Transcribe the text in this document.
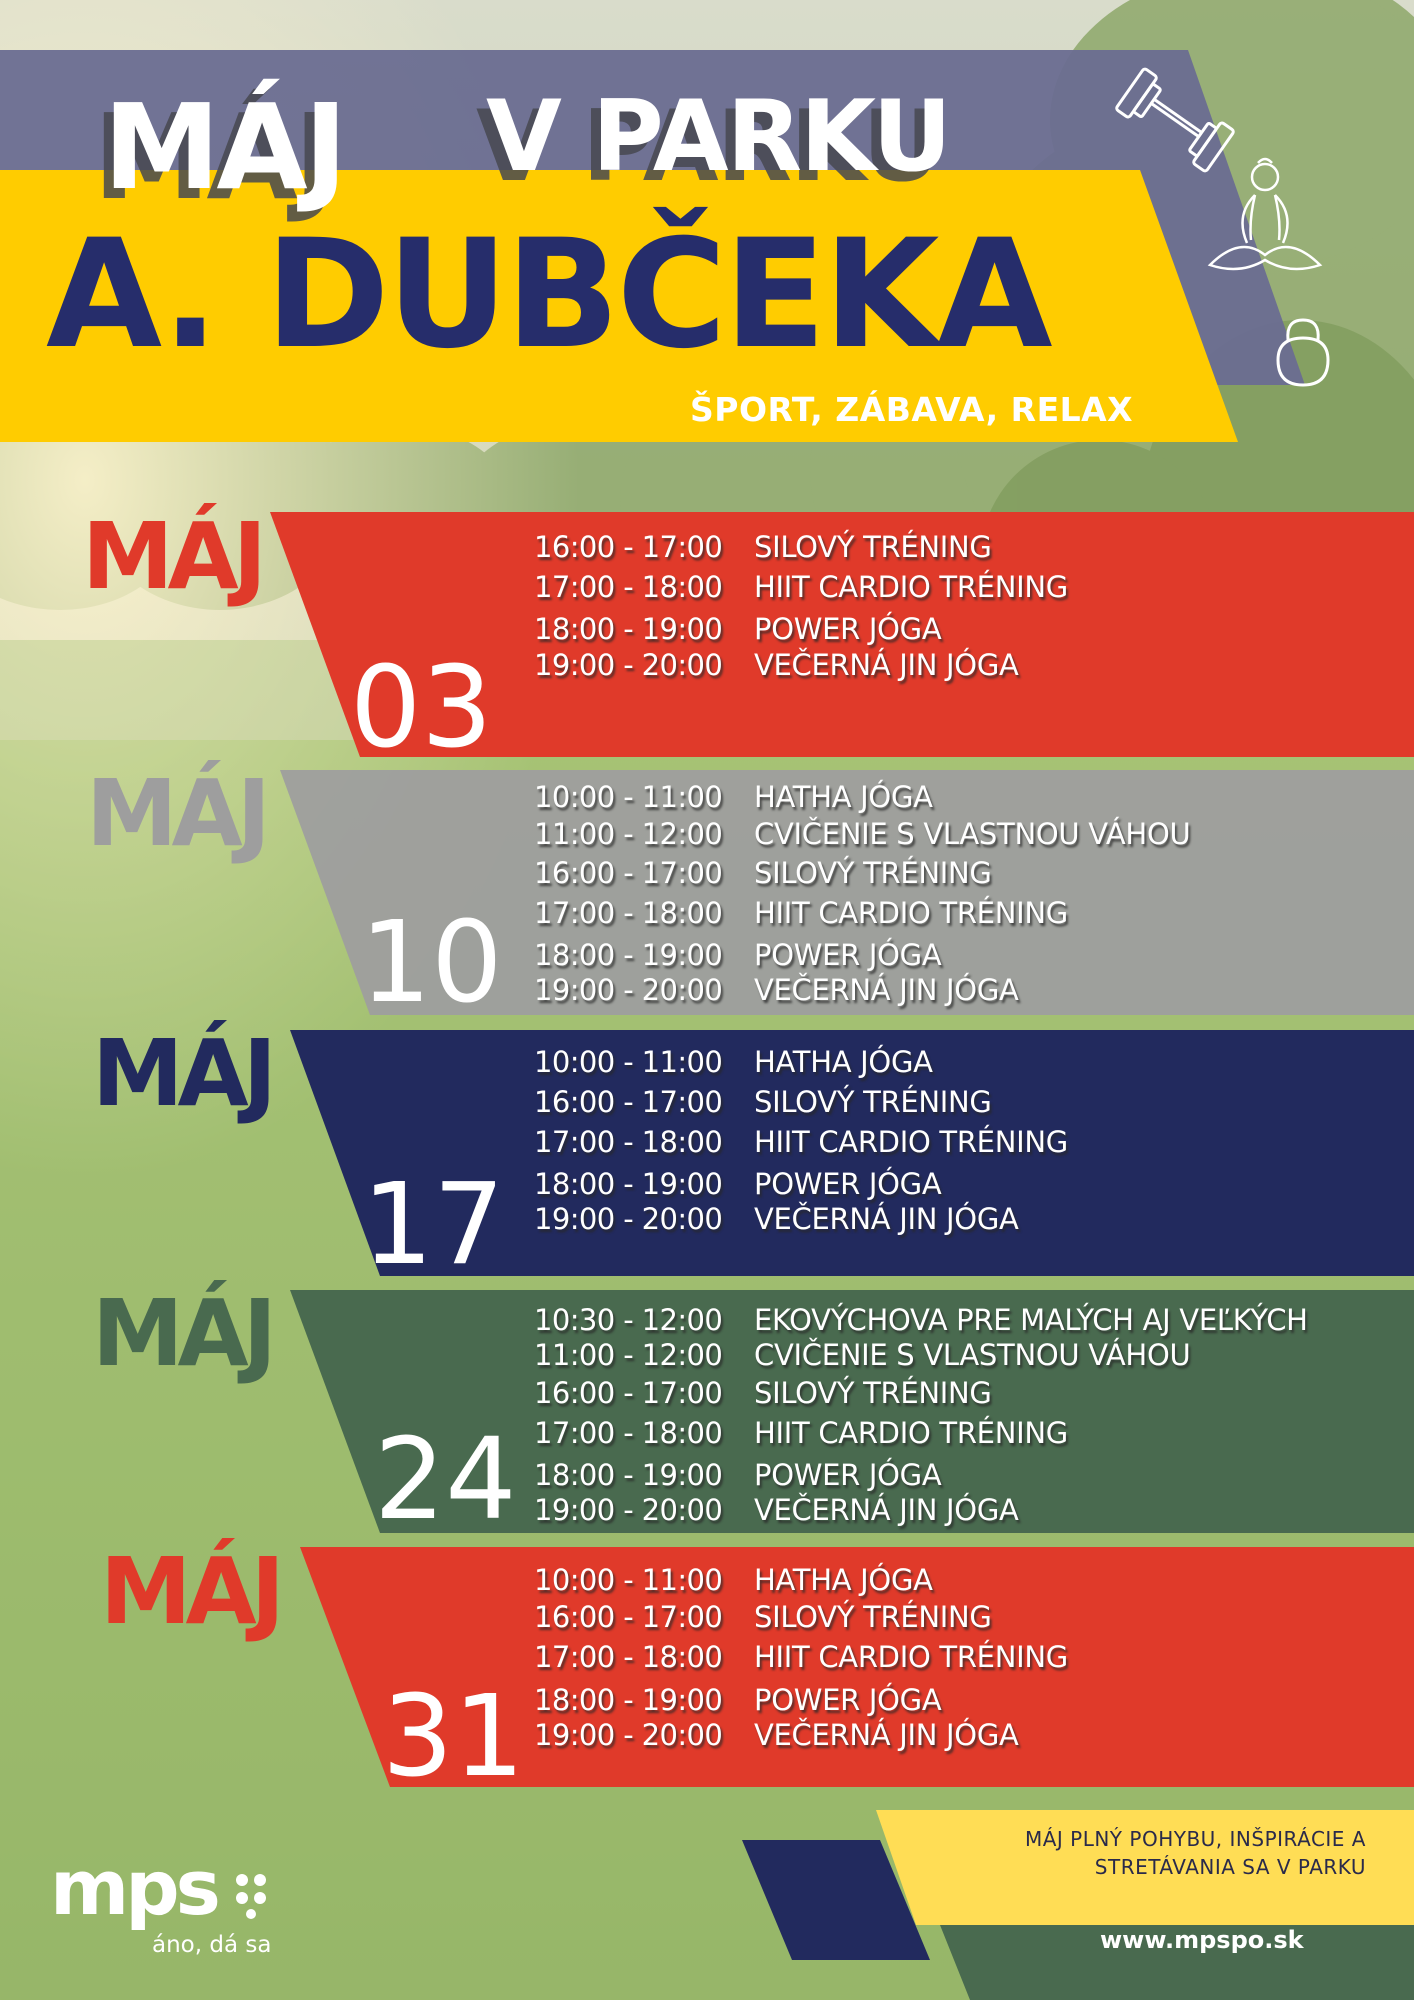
MÁJ V PARKU
A. DUBČEKA
ŠPORT, ZÁBAVA, RELAX
MÁJ
03
16:00 - 17:00	SILOVÝ TRÉNING
17:00 - 18:00	HIIT CARDIO TRÉNING
18:00 - 19:00	POWER JÓGA
19:00 - 20:00	VEČERNÁ JIN JÓGA
MÁJ
10
10:00 - 11:00	HATHA JÓGA
11:00 - 12:00	CVIČENIE S VLASTNOU VÁHOU
16:00 - 17:00	SILOVÝ TRÉNING
17:00 - 18:00	HIIT CARDIO TRÉNING
18:00 - 19:00	POWER JÓGA
19:00 - 20:00	VEČERNÁ JIN JÓGA
MÁJ
17
10:00 - 11:00	HATHA JÓGA
16:00 - 17:00	SILOVÝ TRÉNING
17:00 - 18:00	HIIT CARDIO TRÉNING
18:00 - 19:00	POWER JÓGA
19:00 - 20:00	VEČERNÁ JIN JÓGA
MÁJ
24
10:30 - 12:00	EKOVÝCHOVA PRE MALÝCH AJ VEĽKÝCH
11:00 - 12:00	CVIČENIE S VLASTNOU VÁHOU
16:00 - 17:00	SILOVÝ TRÉNING
17:00 - 18:00	HIIT CARDIO TRÉNING
18:00 - 19:00	POWER JÓGA
19:00 - 20:00	VEČERNÁ JIN JÓGA
MÁJ
31
10:00 - 11:00	HATHA JÓGA
16:00 - 17:00	SILOVÝ TRÉNING
17:00 - 18:00	HIIT CARDIO TRÉNING
18:00 - 19:00	POWER JÓGA
19:00 - 20:00	VEČERNÁ JIN JÓGA
MÁJ PLNÝ POHYBU, INŠPIRÁCIE A
STRETÁVANIA SA V PARKU
www.mpspo.sk
mps
áno, dá sa
